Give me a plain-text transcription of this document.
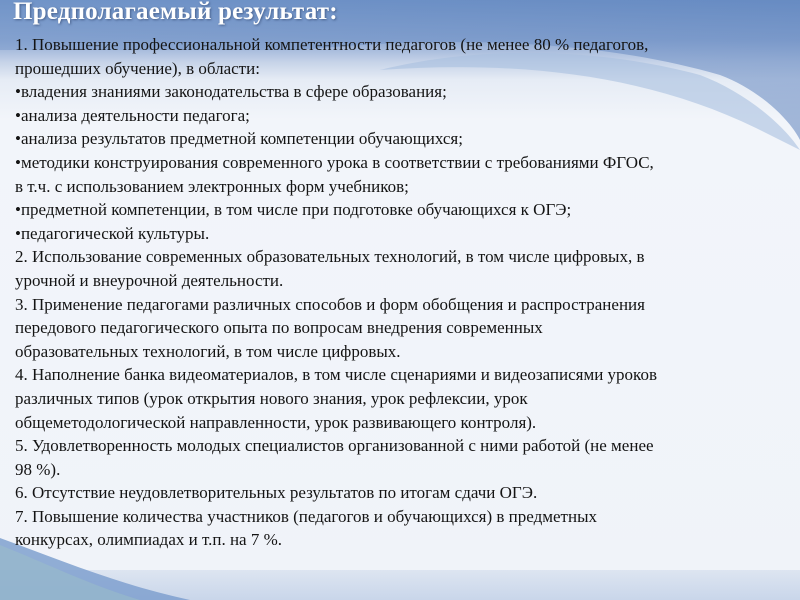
Предполагаемый результат:
1. Повышение профессиональной компетентности педагогов (не менее 80 % педагогов,
прошедших обучение), в области:
•владения знаниями законодательства в сфере образования;
•анализа деятельности педагога;
•анализа результатов предметной компетенции обучающихся;
•методики конструирования современного урока в соответствии с требованиями ФГОС,
в т.ч. с использованием электронных форм учебников;
•предметной компетенции, в том числе при подготовке обучающихся к ОГЭ;
•педагогической культуры.
2. Использование современных образовательных технологий, в том числе цифровых, в
урочной и внеурочной деятельности.
3. Применение педагогами различных способов и форм обобщения и распространения
передового педагогического опыта по вопросам внедрения современных
образовательных технологий, в том числе цифровых.
4. Наполнение банка видеоматериалов, в том числе сценариями и видеозаписями уроков
различных типов (урок открытия нового знания, урок рефлексии, урок
общеметодологической направленности, урок развивающего контроля).
5. Удовлетворенность молодых специалистов организованной с ними работой (не менее
98 %).
6. Отсутствие неудовлетворительных результатов по итогам сдачи ОГЭ.
7. Повышение количества участников (педагогов и обучающихся) в предметных
конкурсах, олимпиадах и т.п. на 7 %.
